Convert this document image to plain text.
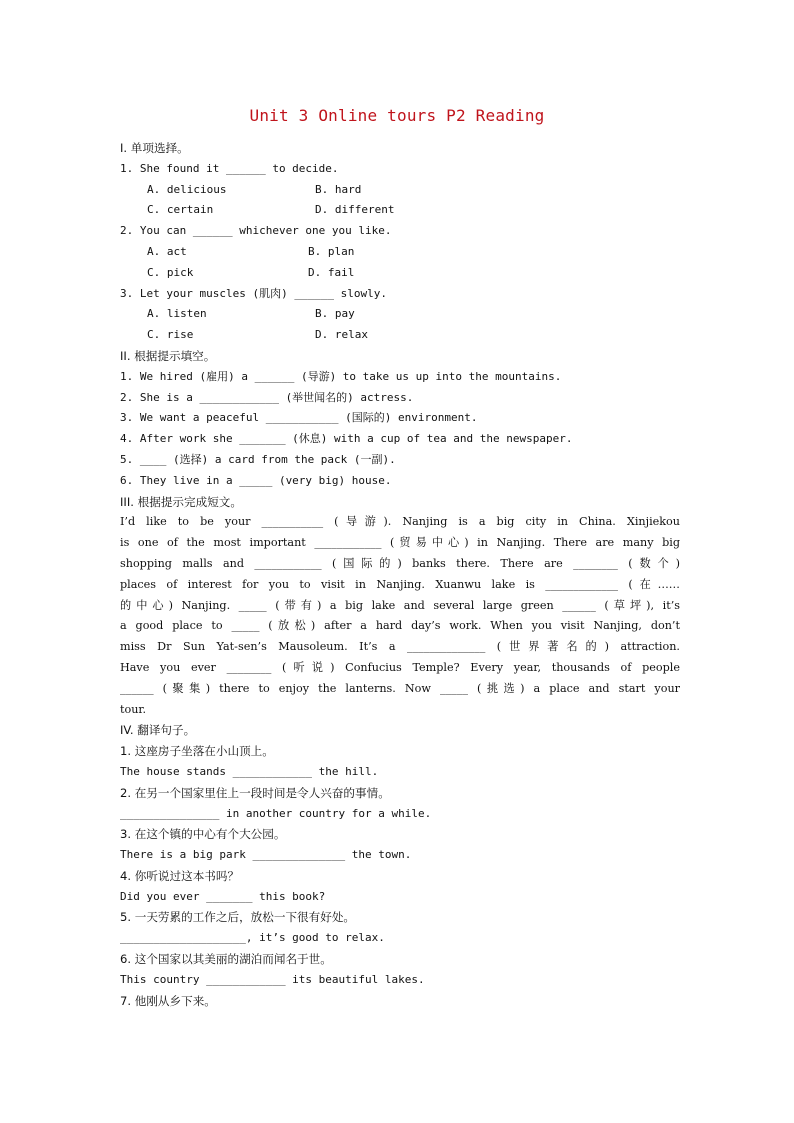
Unit 3 Online tours P2 Reading
I. 单项选择。
1. She found it ______ to decide.
A. delicious	B. hard
C. certain	D. different
2. You can ______ whichever one you like.
A. act	B. plan
C. pick	D. fail
3. Let your muscles (肌肉) ______ slowly.
A. listen	B. pay
C. rise	D. relax
II. 根据提示填空。
1. We hired (雇用) a ______ (导游) to take us up into the mountains.
2. She is a ____________ (举世闻名的) actress.
3. We want a peaceful ___________ (国际的) environment.
4. After work she _______ (休息) with a cup of tea and the newspaper.
5. ____ (选择) a card from the pack (一副).
6. They live in a _____ (very big) house.
III. 根据提示完成短文。
I’d like to be your ___________ (导游). Nanjing is a big city in China. Xinjiekou
is one of the most important ____________ (贸易中心) in Nanjing. There are many big
shopping malls and ____________ (国际的) banks there. There are ________ (数个)
places of interest for you to visit in Nanjing. Xuanwu lake is _____________ (在……
的中心) Nanjing. _____ (带有) a big lake and several large green ______ (草坪), it’s
a good place to _____ (放松) after a hard day’s work. When you visit Nanjing, don’t
miss Dr Sun Yat-sen’s Mausoleum. It’s a ______________ (世界著名的) attraction.
Have you ever ________ (听说) Confucius Temple? Every year, thousands of people
______ (聚集) there to enjoy the lanterns. Now _____ (挑选) a place and start your
tour.
IV. 翻译句子。
1. 这座房子坐落在小山顶上。
The house stands ____________ the hill.
2. 在另一个国家里住上一段时间是令人兴奋的事情。
_______________ in another country for a while.
3. 在这个镇的中心有个大公园。
There is a big park ______________ the town.
4. 你听说过这本书吗？
Did you ever _______ this book?
5. 一天劳累的工作之后，放松一下很有好处。
___________________, it’s good to relax.
6. 这个国家以其美丽的湖泊而闻名于世。
This country ____________ its beautiful lakes.
7. 他刚从乡下来。
